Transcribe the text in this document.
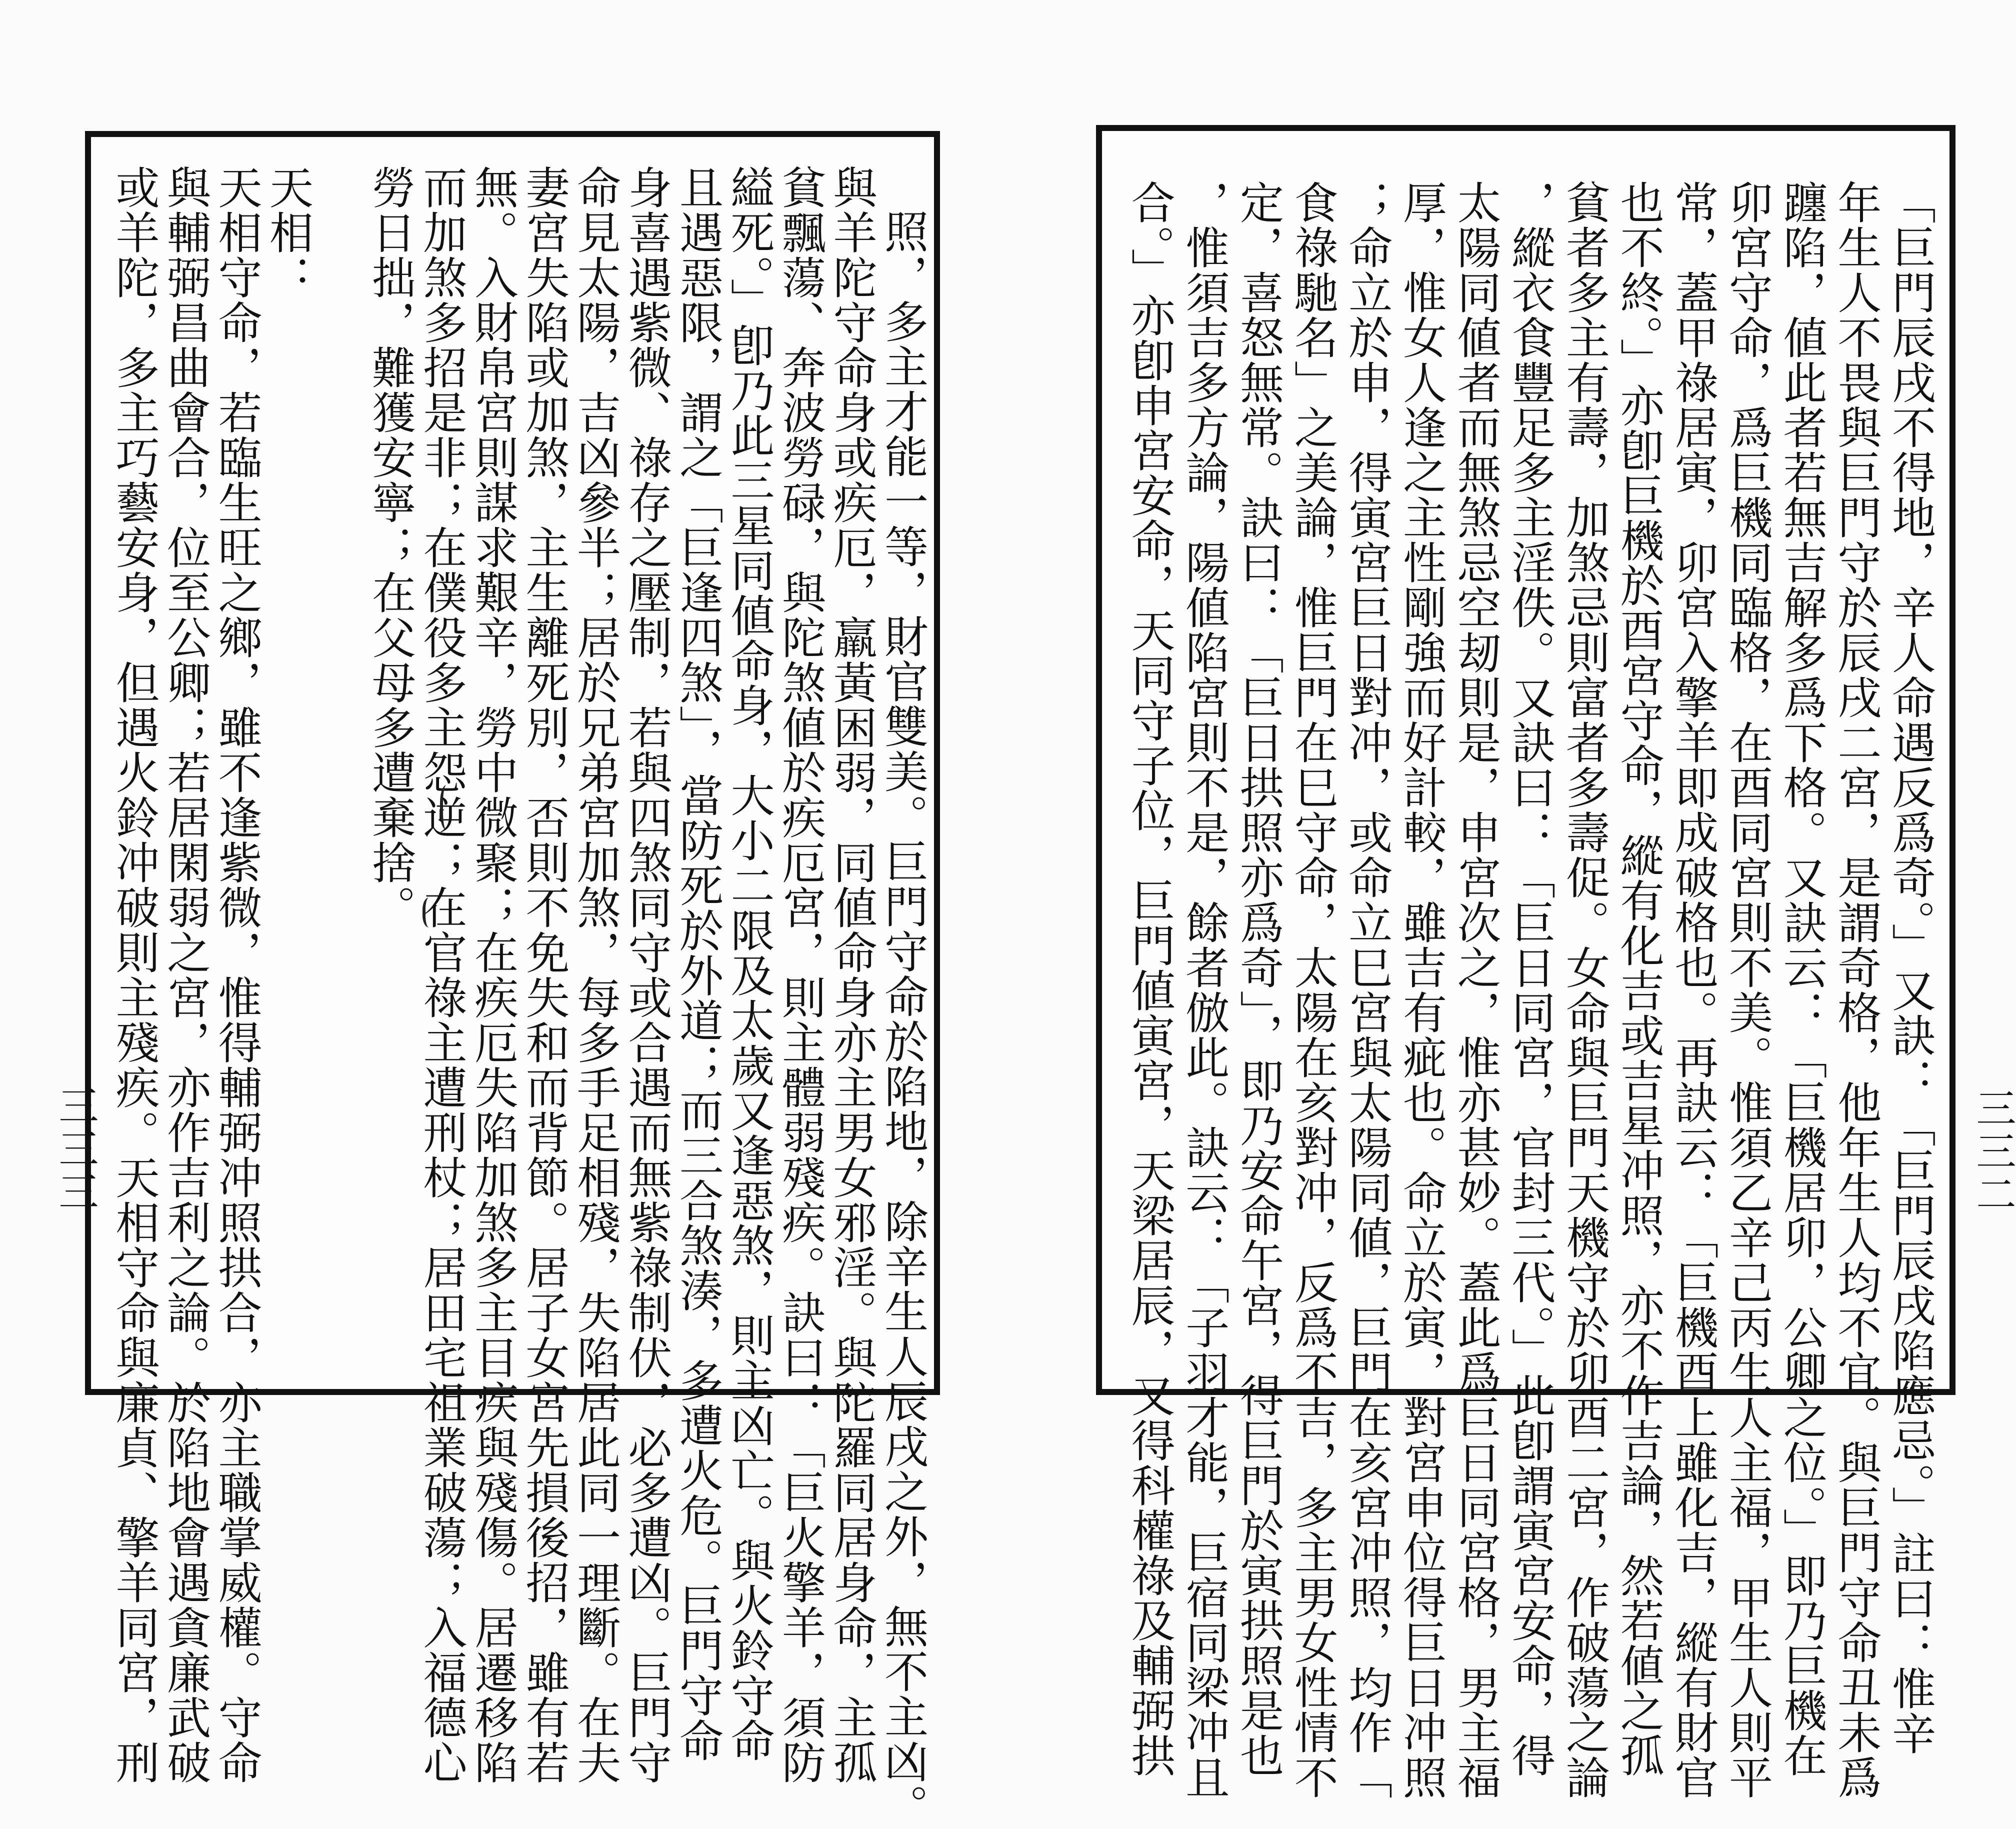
「巨門辰戌不得地，辛人命遇反爲奇。」又訣：「巨門辰戌陷應忌。」註曰：惟辛
年生人不畏與巨門守於辰戌二宮，是謂奇格，他年生人均不宜。與巨門守命丑未爲
躔陷，値此者若無吉解多爲下格。又訣云：「巨機居卯，公卿之位。」即乃巨機在
卯宮守命，爲巨機同臨格，在酉同宮則不美。惟須乙辛己丙生人主福，甲生人則平
常，蓋甲祿居寅，卯宮入擎羊即成破格也。再訣云：「巨機酉上雖化吉，縱有財官
也不終。」亦卽巨機於酉宮守命，縱有化吉或吉星冲照，亦不作吉論，然若値之孤
貧者多主有壽，加煞忌則富者多壽促。女命與巨門天機守於卯酉二宮，作破蕩之論
，縱衣食豐足多主淫佚。又訣曰：「巨日同宮，官封三代。」此卽謂寅宮安命，得
太陽同値者而無煞忌空刼則是，申宮次之，惟亦甚妙。蓋此爲巨日同宮格，男主福
厚，惟女人逢之主性剛強而好計較，雖吉有疵也。命立於寅，對宮申位得巨日冲照
；命立於申，得寅宮巨日對冲，或命立巳宮與太陽同値，巨門在亥宮冲照，均作「
食祿馳名」之美論，惟巨門在巳守命，太陽在亥對冲，反爲不吉，多主男女性情不
定，喜怒無常。訣曰：「巨日拱照亦爲奇」，即乃安命午宮，得巨門於寅拱照是也
，惟須吉多方論，陽値陷宮則不是，餘者倣此。訣云：「子羽才能，巨宿同梁冲且
合。」亦卽申宮安命，天同守子位，巨門値寅宮，天梁居辰，又得科權祿及輔弼拱	三三二
照，多主才能一等，財官雙美。巨門守命於陷地，除辛生人辰戌之外，無不主凶。
與羊陀守命身或疾厄，羸黃困弱，同値命身亦主男女邪淫。與陀羅同居身命，主孤
貧飄蕩、奔波勞碌，與陀煞値於疾厄宮，則主體弱殘疾。訣曰：「巨火擎羊，須防
縊死。」卽乃此三星同値命身，大小二限及太歲又逢惡煞，則主凶亡。與火鈴守命
且遇惡限，謂之「巨逢四煞」，當防死於外道；而三合煞湊，多遭火危。巨門守命
身喜遇紫微、祿存之壓制，若與四煞同守或合遇而無紫祿制伏，必多遭凶。巨門守
命見太陽，吉凶參半；居於兄弟宮加煞，每多手足相殘，失陷居此同一理斷。在夫
妻宮失陷或加煞，主生離死別，否則不免失和而背節。居子女宮先損後招，雖有若
無。入財帛宮則謀求艱辛，勞中微聚；在疾厄失陷加煞多主目疾與殘傷。居遷移陷
而加煞多招是非；在僕役多主怨逆；在官祿主遭刑杖；居田宅祖業破蕩；入福德心
勞日拙，難獲安寧；在父母多遭棄捨。
天相：
天相守命，若臨生旺之鄉，雖不逢紫微，惟得輔弼冲照拱合，亦主職掌威權。守命
與輔弼昌曲會合，位至公卿；若居閑弱之宮，亦作吉利之論。於陷地會遇貪廉武破
或羊陀，多主巧藝安身，但遇火鈴冲破則主殘疾。天相守命與廉貞、擎羊同宮，刑
三三三
